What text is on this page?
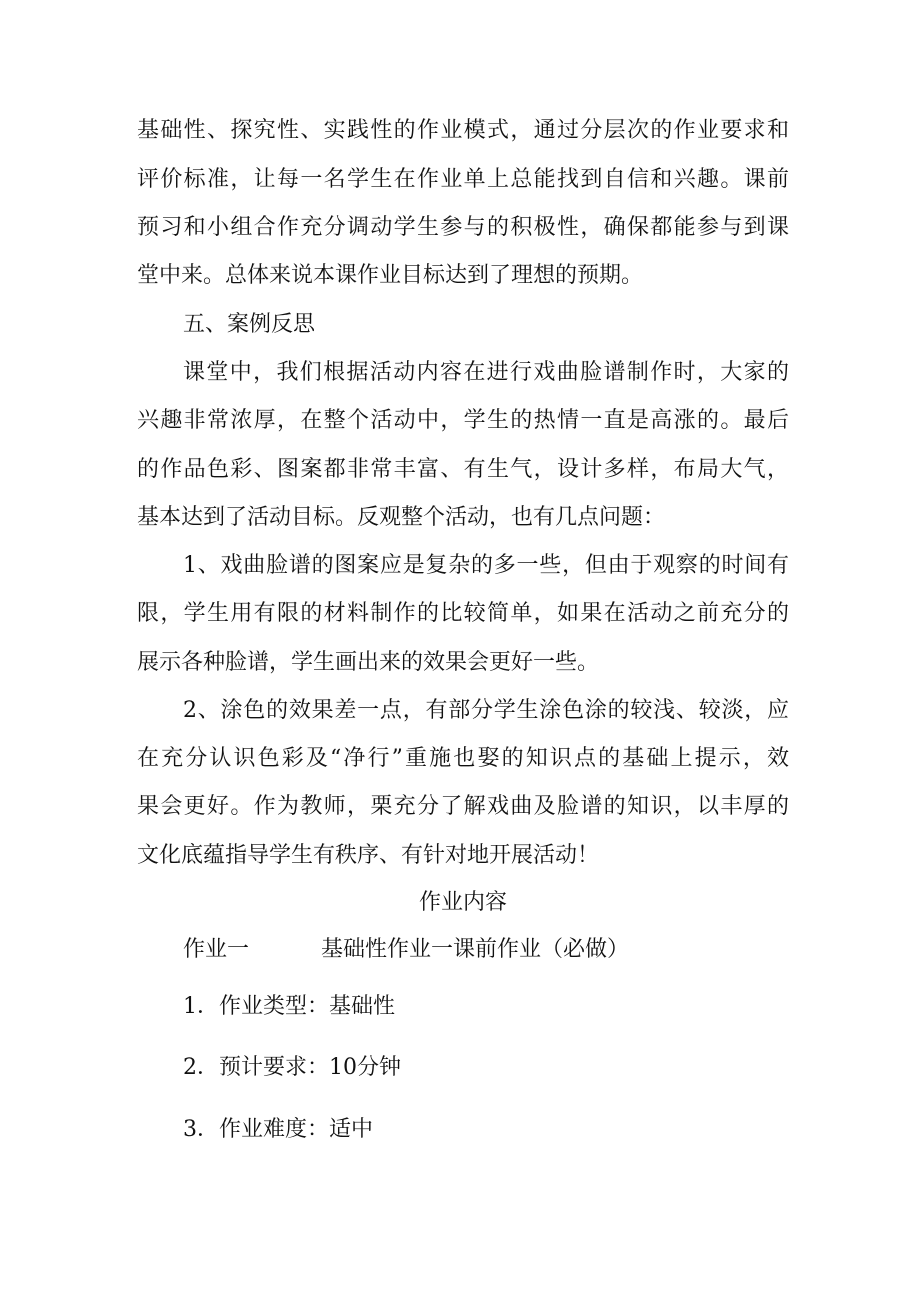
基础性、探究性、实践性的作业模式，通过分层次的作业要求和
评价标准，让每一名学生在作业单上总能找到自信和兴趣。课前
预习和小组合作充分调动学生参与的积极性，确保都能参与到课
堂中来。总体来说本课作业目标达到了理想的预期。
五、案例反思
课堂中，我们根据活动内容在进行戏曲脸谱制作时，大家的
兴趣非常浓厚，在整个活动中，学生的热情一直是高涨的。最后
的作品色彩、图案都非常丰富、有生气，设计多样，布局大气，
基本达到了活动目标。反观整个活动，也有几点问题：
1、戏曲脸谱的图案应是复杂的多一些，但由于观察的时间有
限，学生用有限的材料制作的比较简单，如果在活动之前充分的
展示各种脸谱，学生画出来的效果会更好一些。
2、涂色的效果差一点，有部分学生涂色涂的较浅、较淡，应
在充分认识色彩及“净行”重施也娶的知识点的基础上提示，效
果会更好。作为教师，栗充分了解戏曲及脸谱的知识，以丰厚的
文化底蕴指导学生有秩序、有针对地开展活动！
作业内容
作业一	基础性作业一课前作业（必做）
1．作业类型：基础性
2．预计要求：10分钟
3．作业难度：适中
